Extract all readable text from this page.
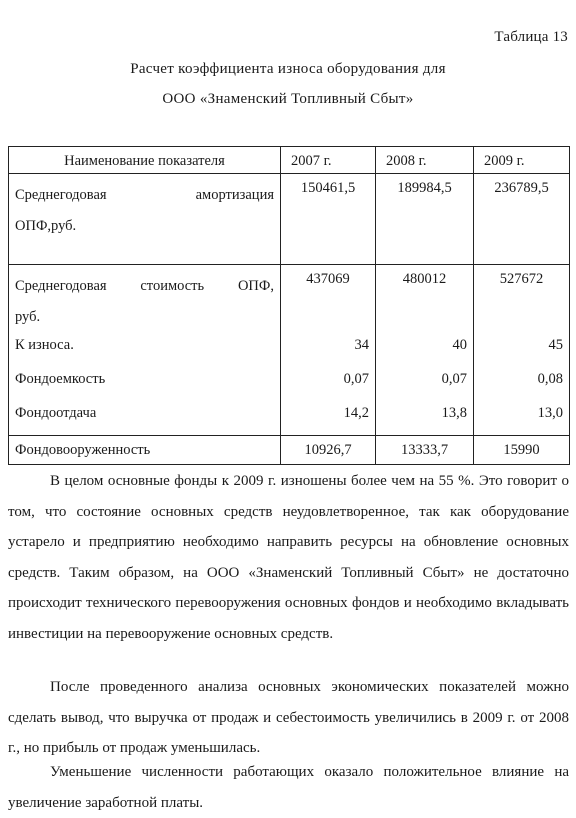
Таблица 13
Расчет коэффициента износа оборудования для
ООО «Знаменский Топливный Сбыт»
Наименование показателя	2007 г.	2008 г.	2009 г.

Среднегодовая амортизация
ОПФ,руб.	150461,5	189984,5	236789,5

Среднегодовая стоимость ОПФ,
руб.	437069	480012	527672
К износа.	34	40	45
Фондоемкость	0,07	0,07	0,08
Фондоотдача	14,2	13,8	13,0
Фондовооруженность	10926,7	13333,7	15990
В целом основные фонды к 2009 г. изношены более чем на 55 %. Это говорит о том, что состояние основных средств неудовлетворенное, так как оборудование устарело и предприятию необходимо направить ресурсы на обновление основных средств. Таким образом, на ООО «Знаменский Топливный Сбыт» не достаточно происходит технического перевооружения основных фондов и необходимо вкладывать инвестиции на перевооружение основных средств.
После проведенного анализа основных экономических показателей можно сделать вывод, что выручка от продаж и себестоимость увеличились в 2009 г. от 2008 г., но прибыль от продаж уменьшилась.
Уменьшение численности работающих оказало положительное влияние на увеличение заработной платы.
